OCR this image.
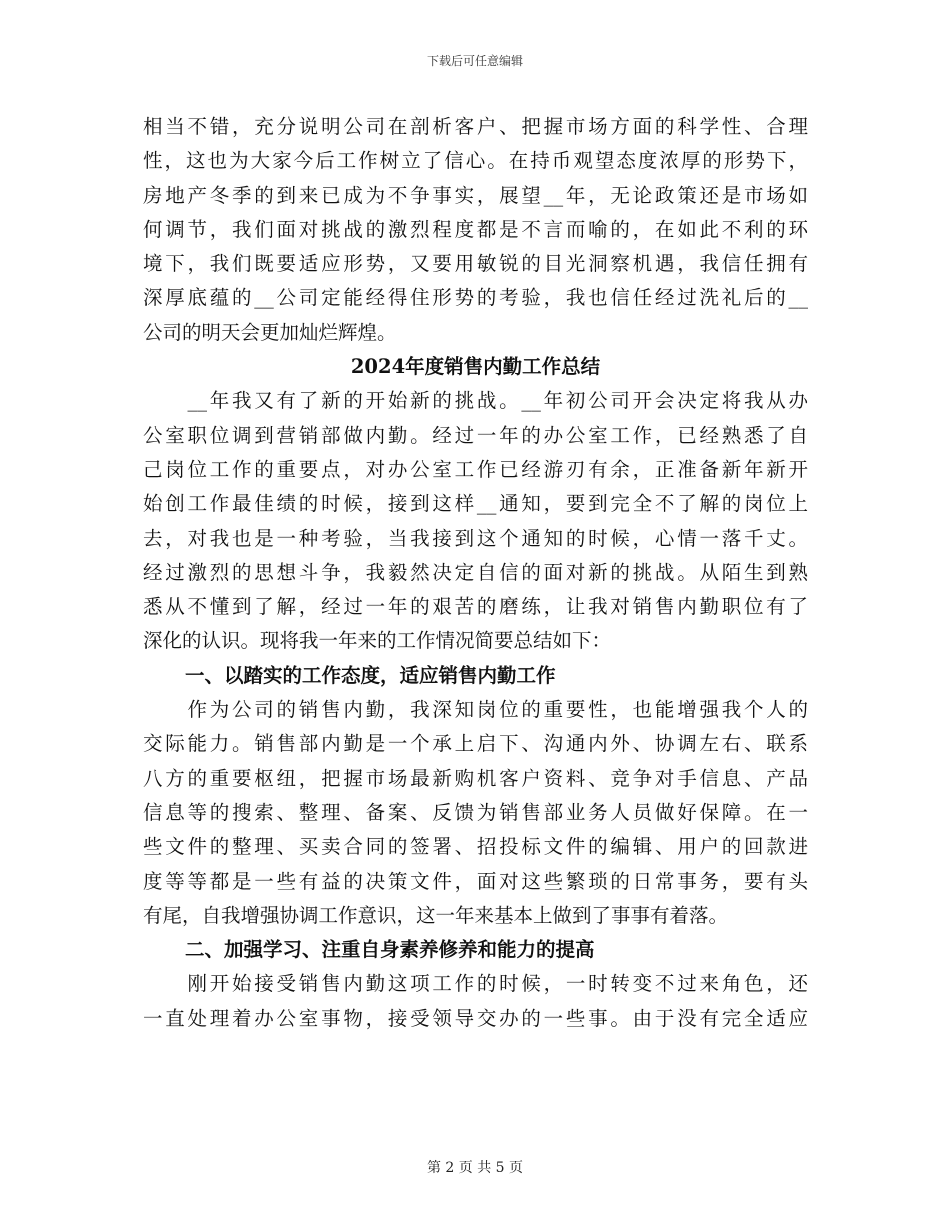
下载后可任意编辑
相当不错，充分说明公司在剖析客户、把握市场方面的科学性、合理
性，这也为大家今后工作树立了信心。在持币观望态度浓厚的形势下，
房地产冬季的到来已成为不争事实，展望__年，无论政策还是市场如
何调节，我们面对挑战的激烈程度都是不言而喻的，在如此不利的环
境下，我们既要适应形势，又要用敏锐的目光洞察机遇，我信任拥有
深厚底蕴的__公司定能经得住形势的考验，我也信任经过洗礼后的__
公司的明天会更加灿烂辉煌。
2024年度销售内勤工作总结
　　__年我又有了新的开始新的挑战。__年初公司开会决定将我从办
公室职位调到营销部做内勤。经过一年的办公室工作，已经熟悉了自
己岗位工作的重要点，对办公室工作已经游刃有余，正准备新年新开
始创工作最佳绩的时候，接到这样__通知，要到完全不了解的岗位上
去，对我也是一种考验，当我接到这个通知的时候，心情一落千丈。
经过激烈的思想斗争，我毅然决定自信的面对新的挑战。从陌生到熟
悉从不懂到了解，经过一年的艰苦的磨练，让我对销售内勤职位有了
深化的认识。现将我一年来的工作情况简要总结如下：
一、以踏实的工作态度，适应销售内勤工作
　　作为公司的销售内勤，我深知岗位的重要性，也能增强我个人的
交际能力。销售部内勤是一个承上启下、沟通内外、协调左右、联系
八方的重要枢纽，把握市场最新购机客户资料、竞争对手信息、产品
信息等的搜索、整理、备案、反馈为销售部业务人员做好保障。在一
些文件的整理、买卖合同的签署、招投标文件的编辑、用户的回款进
度等等都是一些有益的决策文件，面对这些繁琐的日常事务，要有头
有尾，自我增强协调工作意识，这一年来基本上做到了事事有着落。
二、加强学习、注重自身素养修养和能力的提高
　　刚开始接受销售内勤这项工作的时候，一时转变不过来角色，还
一直处理着办公室事物，接受领导交办的一些事。由于没有完全适应
第 2 页 共 5 页
